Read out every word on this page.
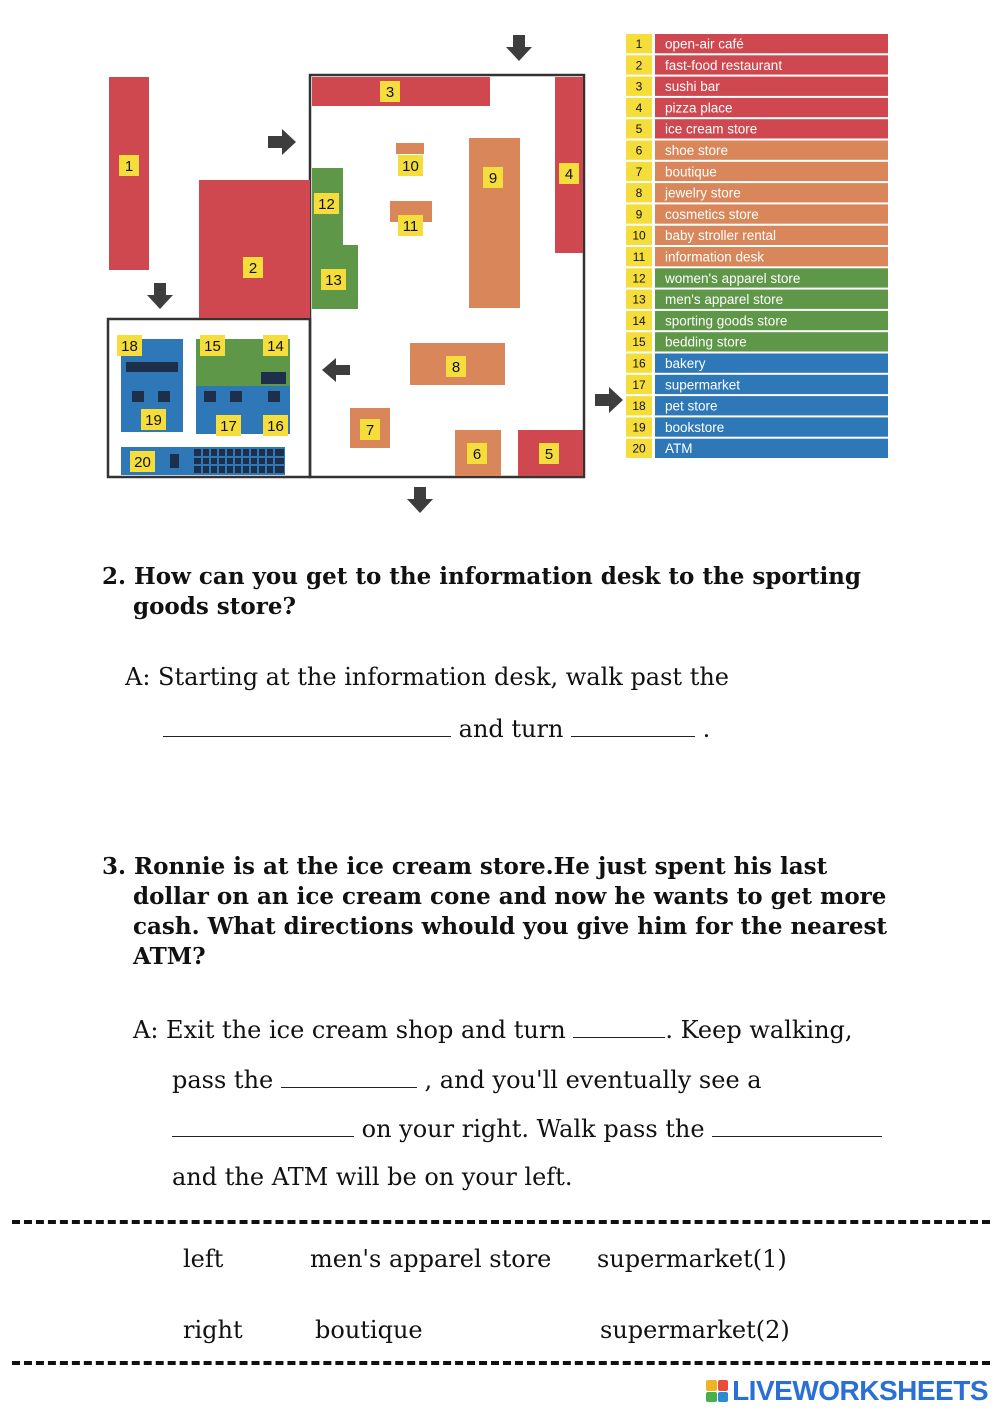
1
2
3
4
5
6
7
8
9
10
11
12
13
14
15
16
17
18
19
20
1 open-air café
2 fast-food restaurant
3 sushi bar
4 pizza place
5 ice cream store
6 shoe store
7 boutique
8 jewelry store
9 cosmetics store
10 baby stroller rental
11 information desk
12 women's apparel store
13 men's apparel store
14 sporting goods store
15 bedding store
16 bakery
17 supermarket
18 pet store
19 bookstore
20 ATM
2. How can you get to the information desk to the sporting goods store?

A: Starting at the information desk, walk past the

and turn	.

3. Ronnie is at the ice cream store.He just spent his last dollar on an ice cream cone and now he wants to get more cash. What directions whould you give him for the nearest ATM?

A: Exit the ice cream shop and turn	. Keep walking,

pass the	, and you'll eventually see a

on your right. Walk pass the

and the ATM will be on your left.

left	men's apparel store supermarket(1)

right	boutique	supermarket(2)

LIVEWORKSHEETS
